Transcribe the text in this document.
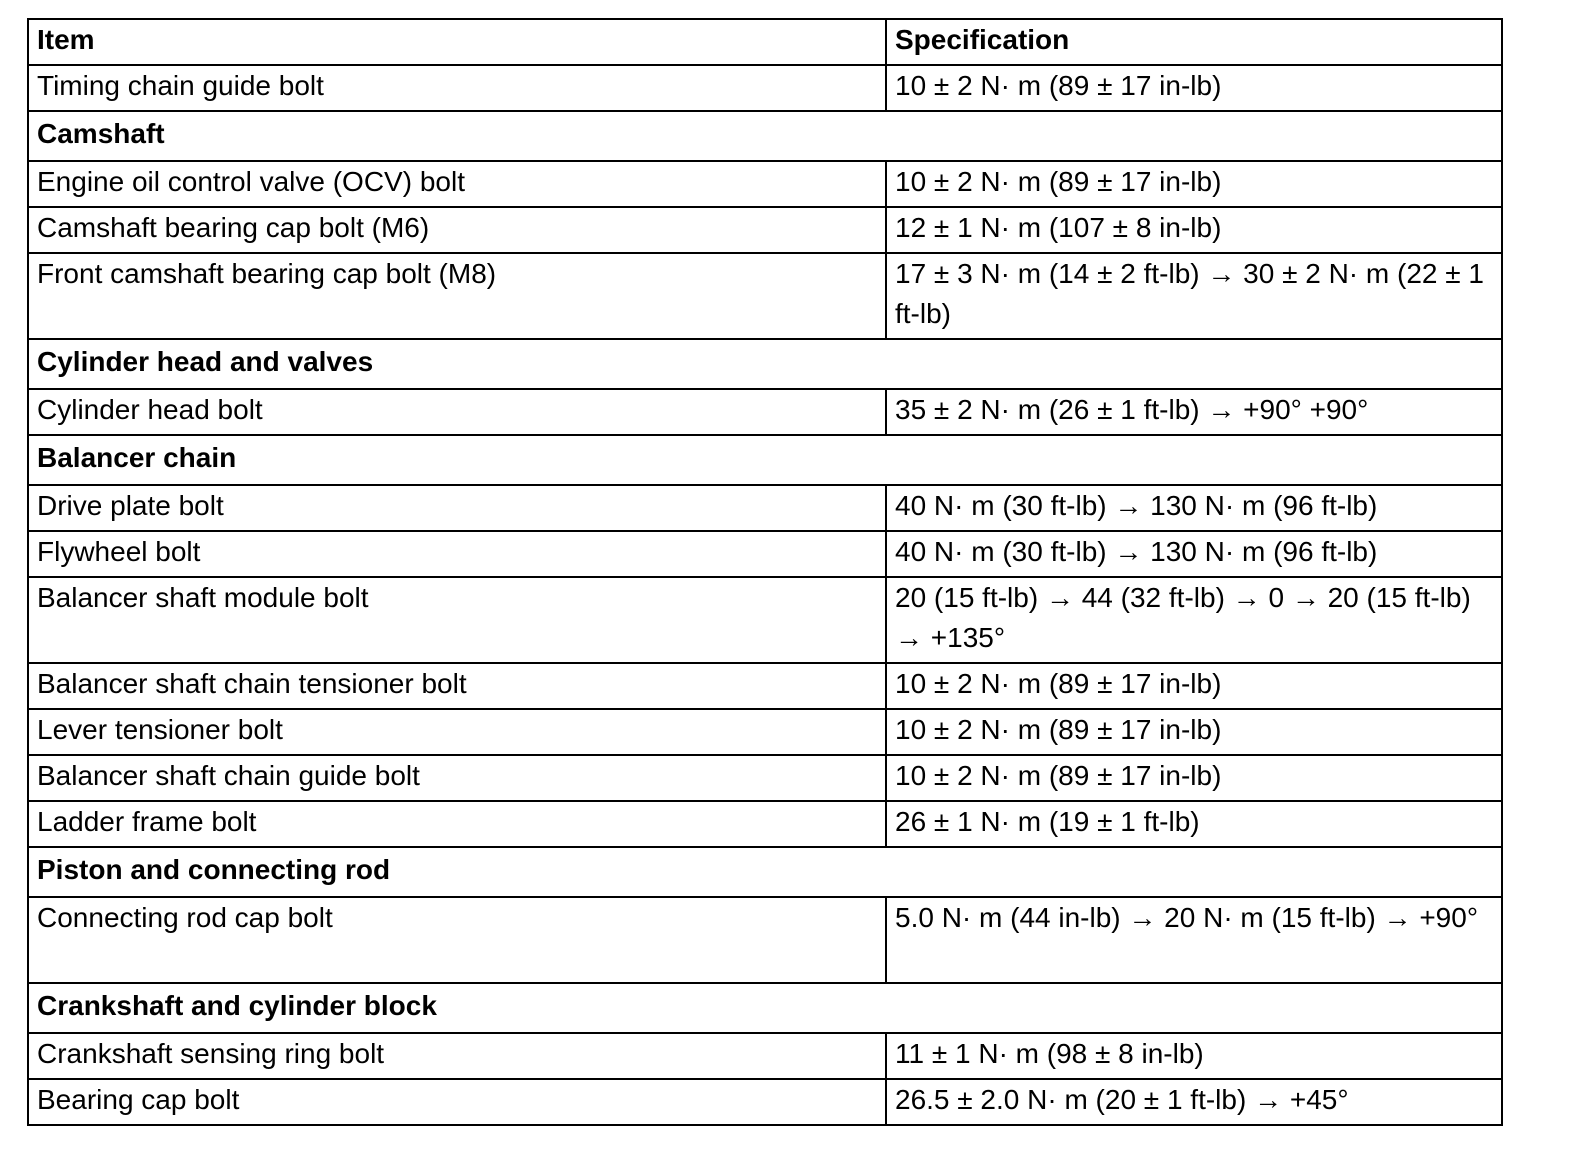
Item	Specification
Timing chain guide bolt	10 ± 2 N· m (89 ± 17 in-lb)
Camshaft	
Engine oil control valve (OCV) bolt	10 ± 2 N· m (89 ± 17 in-lb)
Camshaft bearing cap bolt (M6)	12 ± 1 N· m (107 ± 8 in-lb)
Front camshaft bearing cap bolt (M8)	17 ± 3 N· m (14 ± 2 ft-lb) → 30 ± 2 N· m (22 ± 1 ft-lb)
Cylinder head and valves	
Cylinder head bolt	35 ± 2 N· m (26 ± 1 ft-lb) → +90° +90°
Balancer chain	
Drive plate bolt	40 N· m (30 ft-lb) → 130 N· m (96 ft-lb)
Flywheel bolt	40 N· m (30 ft-lb) → 130 N· m (96 ft-lb)
Balancer shaft module bolt	20 (15 ft-lb) → 44 (32 ft-lb) → 0 → 20 (15 ft-lb) → +135°
Balancer shaft chain tensioner bolt	10 ± 2 N· m (89 ± 17 in-lb)
Lever tensioner bolt	10 ± 2 N· m (89 ± 17 in-lb)
Balancer shaft chain guide bolt	10 ± 2 N· m (89 ± 17 in-lb)
Ladder frame bolt	26 ± 1 N· m (19 ± 1 ft-lb)
Piston and connecting rod	
Connecting rod cap bolt	5.0 N· m (44 in-lb) → 20 N· m (15 ft-lb) → +90°
Crankshaft and cylinder block	
Crankshaft sensing ring bolt	11 ± 1 N· m (98 ± 8 in-lb)
Bearing cap bolt	26.5 ± 2.0 N· m (20 ± 1 ft-lb) → +45°
